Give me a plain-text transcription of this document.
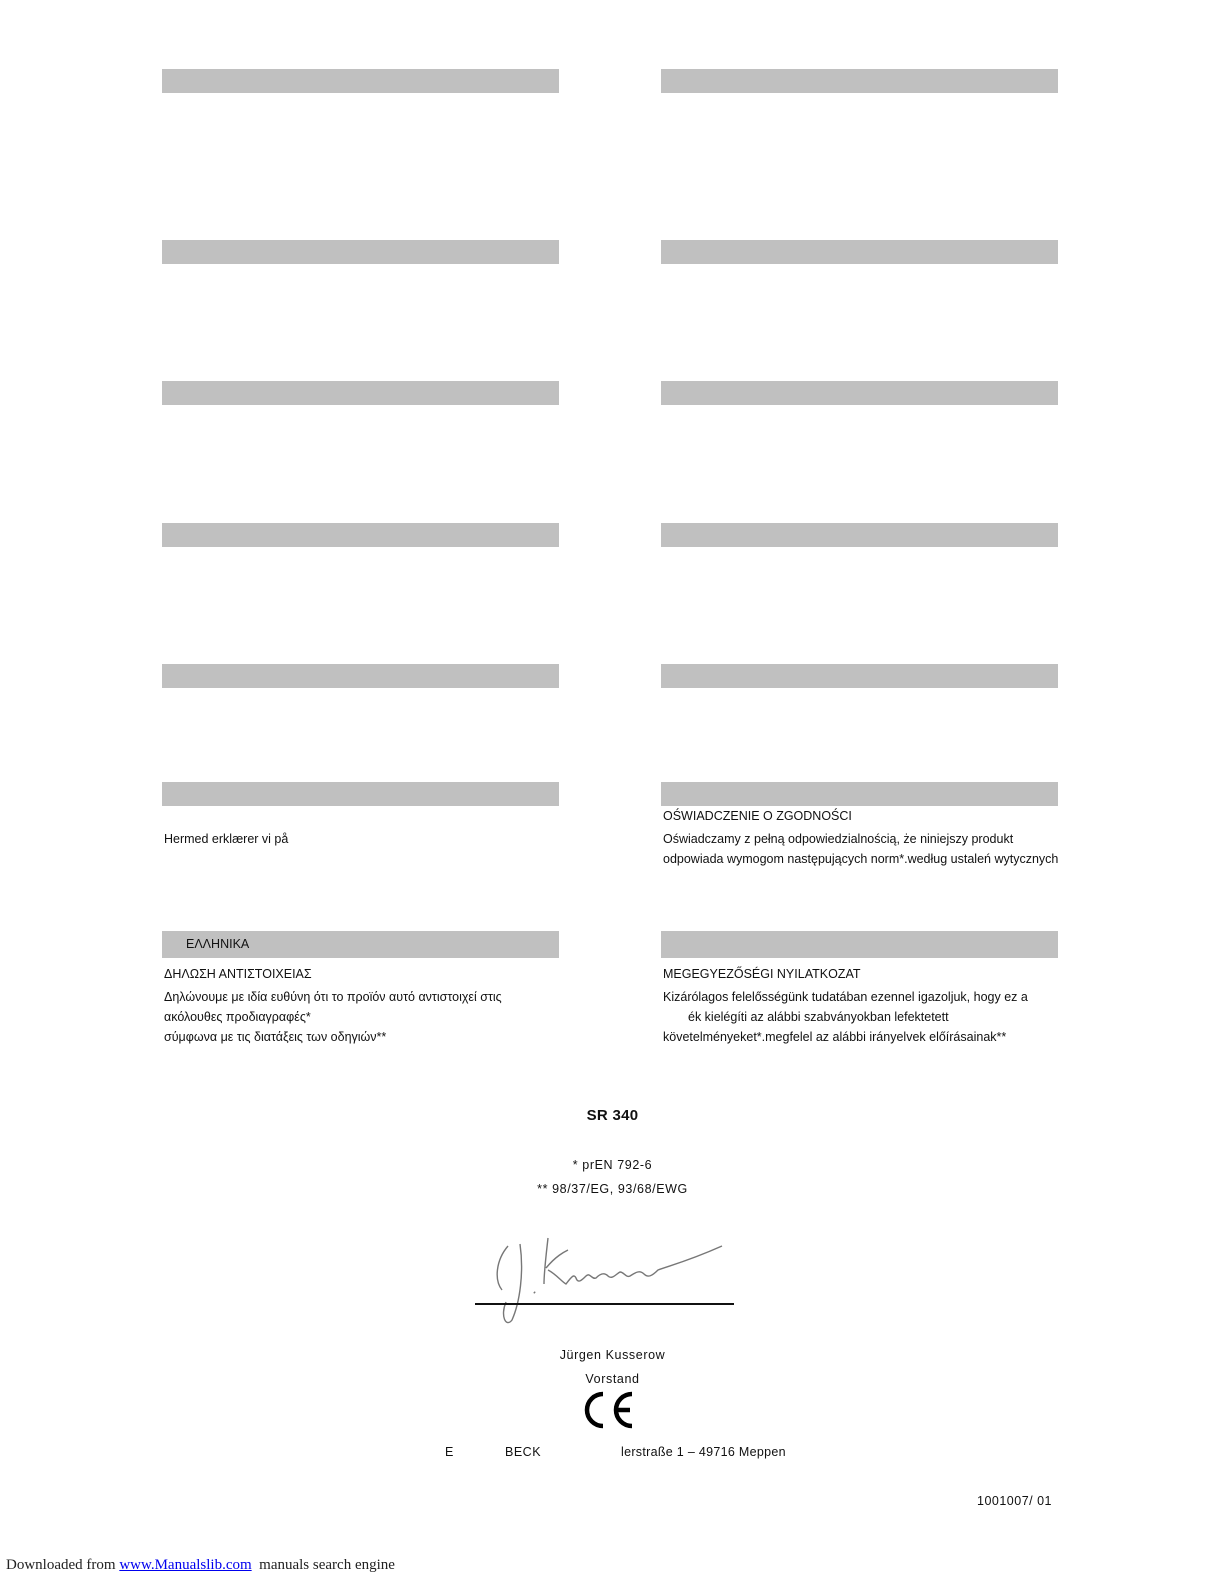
ΕΛΛΗΝΙΚΑ
Hermed erklærer vi på
OŚWIADCZENIE O ZGODNOŚCI
Oświadczamy z pełną odpowiedzialnością, że niniejszy produkt
odpowiada wymogom następujących norm*.według ustaleń wytycznych
ΔΗΛΩΣΗ ΑΝΤΙΣΤΟΙΧΕΙΑΣ
Δηλώνουμε με ιδία ευθύνη ότι το προϊόν αυτό αντιστοιχεί στις
ακόλουθες προδιαγραφές*
σύμφωνα με τις διατάξεις των οδηγιών**
MEGEGYEZŐSÉGI NYILATKOZAT
Kizárólagos felelősségünk tudatában ezennel igazoljuk, hogy ez a
ék kielégíti az alábbi szabványokban lefektetett
követelményeket*.megfelel az alábbi irányelvek előírásainak**
SR 340
* prEN 792-6
** 98/37/EG, 93/68/EWG
Jürgen Kusserow
Vorstand
E	BECK	lerstraße 1 – 49716 Meppen
1001007/ 01
Downloaded from www.Manualslib.com  manuals search engine
